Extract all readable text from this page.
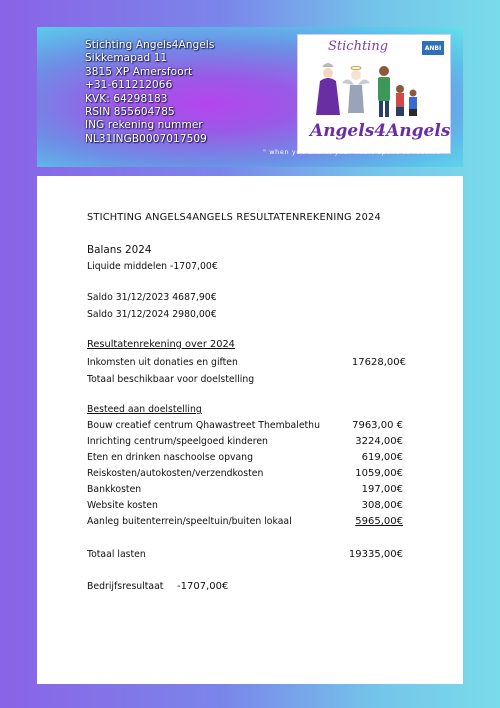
Stichting Angels4Angels
Sikkemapad 11
3815 XP Amersfoort
+31-611212066
KVK: 64298183
RSIN 855604785
ING rekening nummer
NL31INGB0007017509
Stichting	ANBI
Angels4Angels
" when you share, your heart opens to receive "
STICHTING ANGELS4ANGELS RESULTATENREKENING 2024
Balans 2024
Liquide middelen -1707,00€
Saldo 31/12/2023 4687,90€
Saldo 31/12/2024 2980,00€
Resultatenrekening over 2024
Inkomsten uit donaties en giften	17628,00€
Totaal beschikbaar voor doelstelling
Besteed aan doelstelling
Bouw creatief centrum Qhawastreet Thembalethu	7963,00 €
Inrichting centrum/speelgoed kinderen	3224,00€
Eten en drinken naschoolse opvang	619,00€
Reiskosten/autokosten/verzendkosten	1059,00€
Bankkosten	197,00€
Website kosten	308,00€
Aanleg buitenterrein/speeltuin/buiten lokaal	5965,00€
Totaal lasten	19335,00€
Bedrijfsresultaat -1707,00€
